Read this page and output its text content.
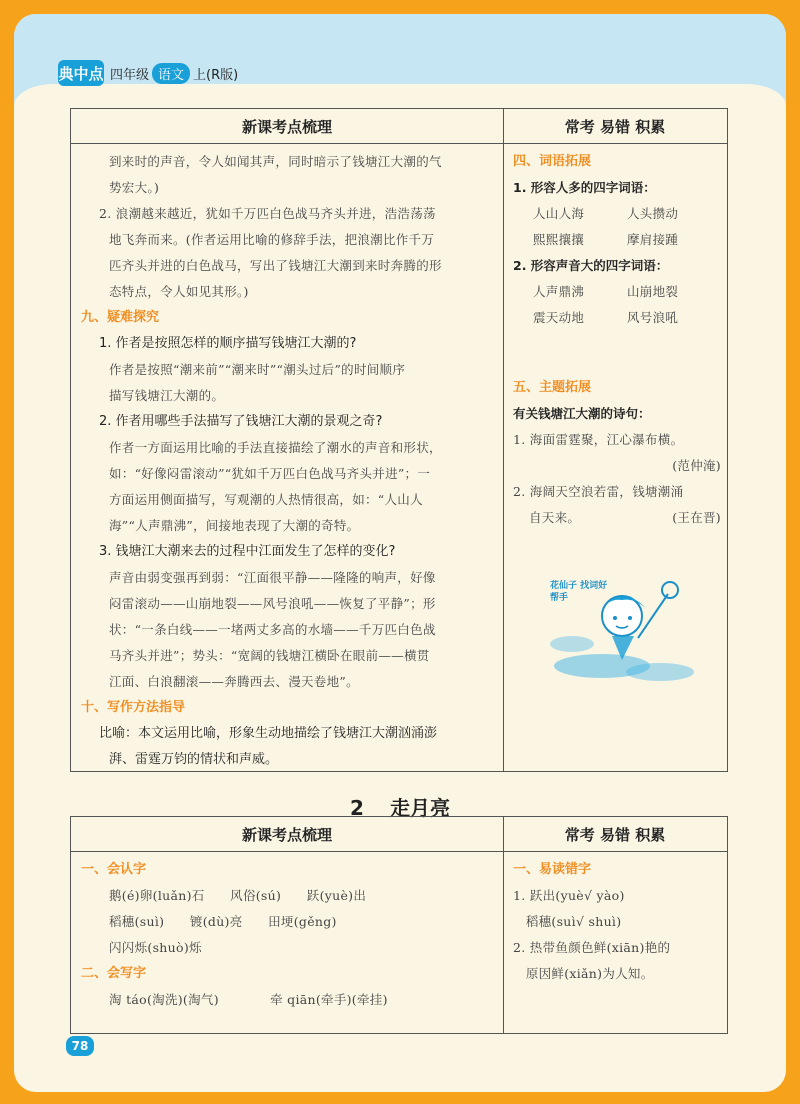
典中点 四年级 语文 上(R版)
新课考点梳理	常考 易错 积累

到来时的声音，令人如闻其声，同时暗示了钱塘江大潮的气

势宏大。)

2. 浪潮越来越近，犹如千万匹白色战马齐头并进，浩浩荡荡

地飞奔而来。(作者运用比喻的修辞手法，把浪潮比作千万

匹齐头并进的白色战马，写出了钱塘江大潮到来时奔腾的形

态特点，令人如见其形。)

九、疑难探究

1. 作者是按照怎样的顺序描写钱塘江大潮的?

作者是按照“潮来前”“潮来时”“潮头过后”的时间顺序

描写钱塘江大潮的。

2. 作者用哪些手法描写了钱塘江大潮的景观之奇?

作者一方面运用比喻的手法直接描绘了潮水的声音和形状，

如：“好像闷雷滚动”“犹如千万匹白色战马齐头并进”；一

方面运用侧面描写，写观潮的人热情很高，如：“人山人

海”“人声鼎沸”，间接地表现了大潮的奇特。

3. 钱塘江大潮来去的过程中江面发生了怎样的变化?

声音由弱变强再到弱：“江面很平静——隆隆的响声，好像

闷雷滚动——山崩地裂——风号浪吼——恢复了平静”；形

状：“一条白线——一堵两丈多高的水墙——千万匹白色战

马齐头并进”；势头：“宽阔的钱塘江横卧在眼前——横贯

江面、白浪翻滚——奔腾西去、漫天卷地”。

十、写作方法指导

比喻：本文运用比喻，形象生动地描绘了钱塘江大潮汹涌澎

湃、雷霆万钧的情状和声威。

四、词语拓展

1. 形容人多的四字词语：

人山人海	人头攒动
熙熙攘攘	摩肩接踵

2. 形容声音大的四字词语：

人声鼎沸	山崩地裂
震天动地	风号浪吼

五、主题拓展

有关钱塘江大潮的诗句：

1. 海面雷霆聚，江心瀑布横。

(范仲淹)

2. 海阔天空浪若雷，钱塘潮涌

自天来。	(王在晋)
花仙子 找词好帮手
2 走月亮
新课考点梳理	常考 易错 积累

一、会认字

鹅(é)卵(luǎn)石　　风俗(sú)　　跃(yuè)出

稻穗(suì)　　镀(dù)亮　　田埂(gěng)

闪闪烁(shuò)烁

二、会写字

淘 táo(淘洗)(淘气)　　　　牵 qiān(牵手)(牵挂)

一、易读错字

1. 跃出(yuè√ yào)

稻穗(suì√ shuì)

2. 热带鱼颜色鲜(xiān)艳的

原因鲜(xiǎn)为人知。

78
